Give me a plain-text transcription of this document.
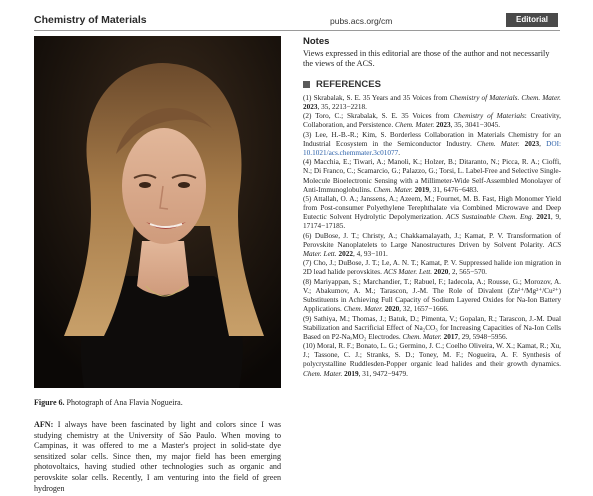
Chemistry of Materials	pubs.acs.org/cm	Editorial
Figure 6. Photograph of Ana Flavia Nogueira.
AFN: I always have been fascinated by light and colors since I was studying chemistry at the University of São Paulo. When moving to Campinas, it was offered to me a Master's project in solid-state dye sensitized solar cells. Since then, my major field has been emerging photovoltaics, having studied other technologies such as organic and perovskite solar cells. Recently, I am venturing into the field of green hydrogen
Notes
Views expressed in this editorial are those of the author and not necessarily the views of the ACS.
REFERENCES
(1) Skrabalak, S. E. 35 Years and 35 Voices from Chemistry of Materials. Chem. Mater. 2023, 35, 2213−2218.
(2) Toro, C.; Skrabalak, S. E. 35 Voices from Chemistry of Materials: Creativity, Collaboration, and Persistence. Chem. Mater. 2023, 35, 3041−3045.
(3) Lee, H.-B.-R.; Kim, S. Borderless Collaboration in Materials Chemistry for an Industrial Ecosystem in the Semiconductor Industry. Chem. Mater. 2023, DOI: 10.1021/acs.chemmater.3c01077.
(4) Macchia, E.; Tiwari, A.; Manoli, K.; Holzer, B.; Ditaranto, N.; Picca, R. A.; Cioffi, N.; Di Franco, C.; Scamarcio, G.; Palazzo, G.; Torsi, L. Label-Free and Selective Single-Molecule Bioelectronic Sensing with a Millimeter-Wide Self-Assembled Monolayer of Anti-Immunoglobulins. Chem. Mater. 2019, 31, 6476−6483.
(5) Attallah, O. A.; Janssens, A.; Azeem, M.; Fournet, M. B. Fast, High Monomer Yield from Post-consumer Polyethylene Terephthalate via Combined Microwave and Deep Eutectic Solvent Hydrolytic Depolymerization. ACS Sustainable Chem. Eng. 2021, 9, 17174−17185.
(6) DuBose, J. T.; Christy, A.; Chakkamalayath, J.; Kamat, P. V. Transformation of Perovskite Nanoplatelets to Large Nanostructures Driven by Solvent Polarity. ACS Mater. Lett. 2022, 4, 93−101.
(7) Cho, J.; DuBose, J. T.; Le, A. N. T.; Kamat, P. V. Suppressed halide ion migration in 2D lead halide perovskites. ACS Mater. Lett. 2020, 2, 565−570.
(8) Mariyappan, S.; Marchandier, T.; Rabuel, F.; Iadecola, A.; Rousse, G.; Morozov, A. V.; Abakumov, A. M.; Tarascon, J.-M. The Role of Divalent (Zn²⁺/Mg²⁺/Cu²⁺) Substituents in Achieving Full Capacity of Sodium Layered Oxides for Na-Ion Battery Applications. Chem. Mater. 2020, 32, 1657−1666.
(9) Sathiya, M.; Thomas, J.; Batuk, D.; Pimenta, V.; Gopalan, R.; Tarascon, J.-M. Dual Stabilization and Sacrificial Effect of Na₂CO₃ for Increasing Capacities of Na-Ion Cells Based on P2-NaₓMO₂ Electrodes. Chem. Mater. 2017, 29, 5948−5956.
(10) Moral, R. F.; Bonato, L. G.; Germino, J. C.; Coelho Oliveira, W. X.; Kamat, R.; Xu, J.; Tassone, C. J.; Stranks, S. D.; Toney, M. F.; Nogueira, A. F. Synthesis of polycrystalline Ruddlesden-Popper organic lead halides and their growth dynamics. Chem. Mater. 2019, 31, 9472−9479.
